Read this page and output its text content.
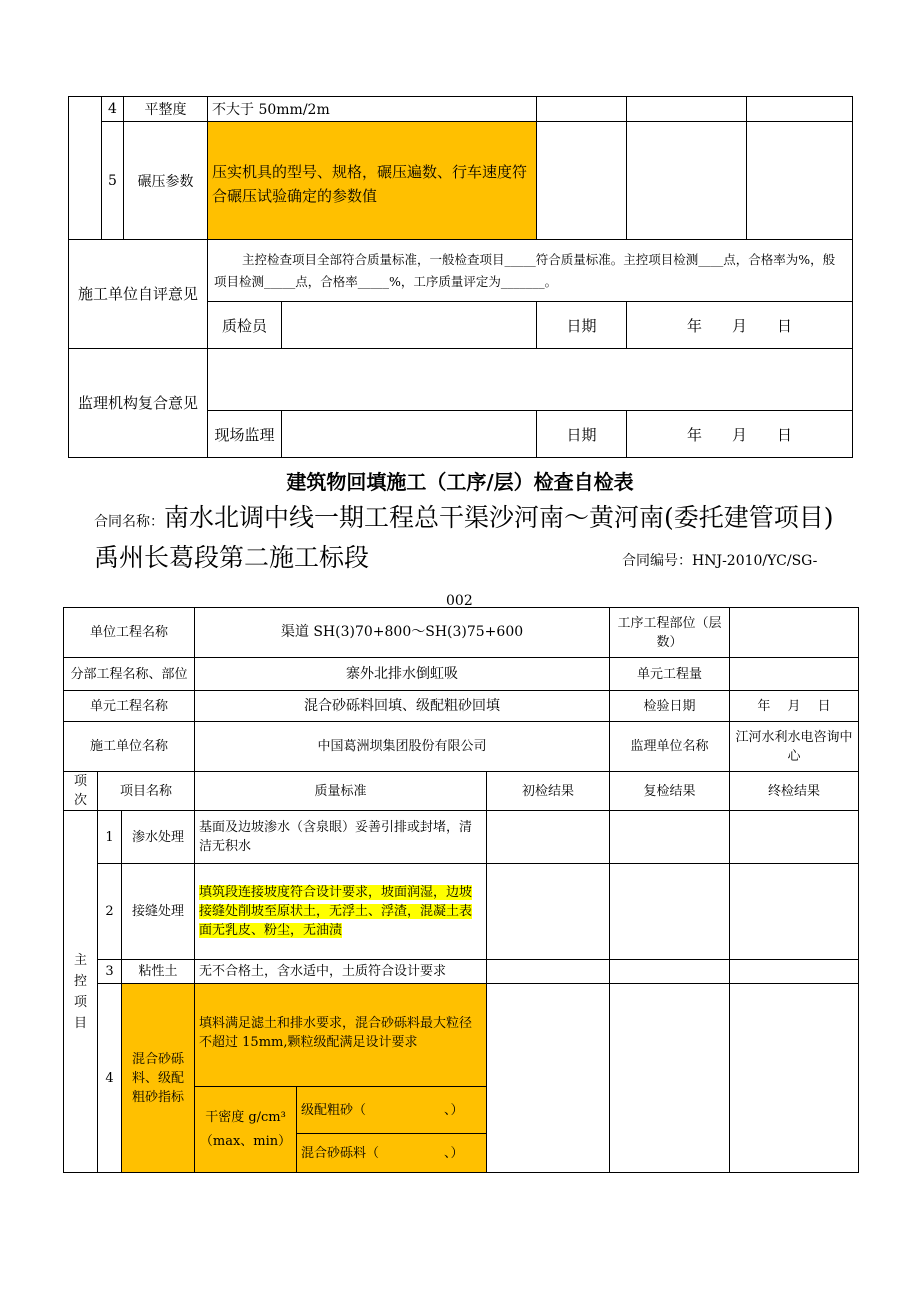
	4	平整度	不大于 50mm/2m				
	5	碾压参数	压实机具的型号、规格，碾压遍数、行车速度符合碾压试验确定的参数值				
施工单位自评意见			主控检查项目全部符合质量标准，一般检查项目_____符合质量标准。主控项目检测____点，合格率为%，般项目检测_____点，合格率_____%，工序质量评定为_______。				
			质检员		日期	年　　月　　日	
监理机构复合意见							
			现场监理		日期	年　　月　　日	
建筑物回填施工（工序/层）检查自检表
合同名称：南水北调中线一期工程总干渠沙河南～黄河南(委托建管项目)禹州长葛段第二施工标段	合同编号：HNJ-2010/YC/SG-
002
单位工程名称			渠道 SH(3)70+800～SH(3)75+600			工序工程部位（层数）	
分部工程名称、部位			寨外北排水倒虹吸			单元工程量	
单元工程名称			混合砂砾料回填、级配粗砂回填			检验日期	年　 月　 日
施工单位名称			中国葛洲坝集团股份有限公司			监理单位名称	江河水利水电咨询中心
项次	项目名称		质量标准		初检结果	复检结果	终检结果
主控项目	1	渗水处理	基面及边坡渗水（含泉眼）妥善引排或封堵，清洁无积水				
	2	接缝处理	填筑段连接坡度符合设计要求，坡面润湿，边坡接缝处削坡至原状土，无浮土、浮渣，混凝土表面无乳皮、粉尘，无油渍				
	3	粘性土	无不合格土，含水适中，土质符合设计要求				
	4	混合砂砾料、级配粗砂指标	填料满足滤土和排水要求，混合砂砾料最大粒径不超过 15mm,颗粒级配满足设计要求				
			干密度 g/cm³（max、min）	级配粗砂（　　　　　　、）			
				混合砂砾料（　　　　　、）			
